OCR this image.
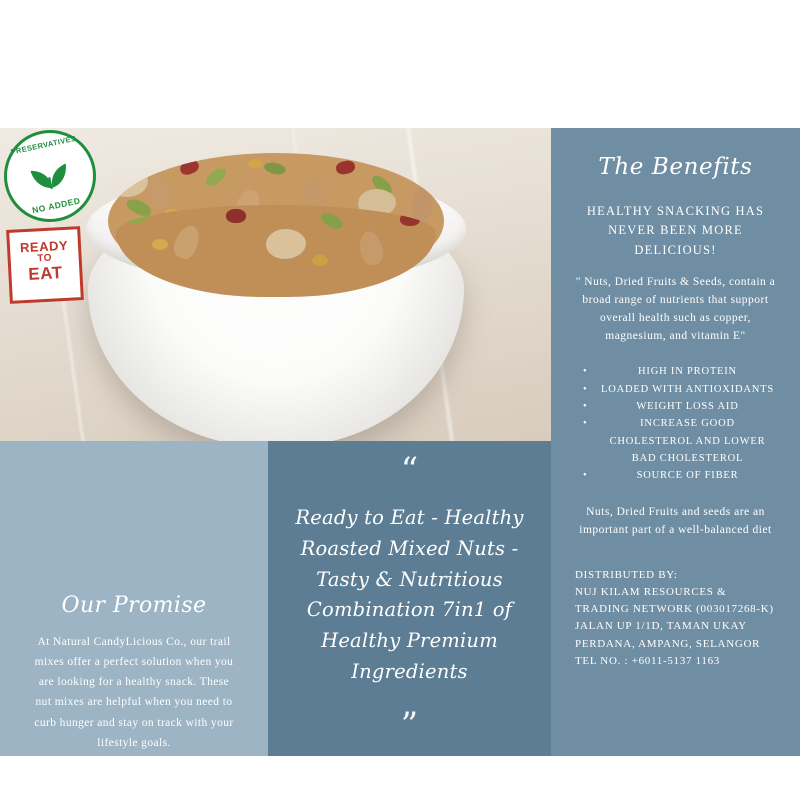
PRESERVATIVES
NO ADDED
READY
TO
EAT
The Benefits
HEALTHY SNACKING HAS NEVER BEEN MORE DELICIOUS!
" Nuts, Dried Fruits & Seeds, contain a broad range of nutrients that support overall health such as copper, magnesium, and vitamin E"
• HIGH IN PROTEIN
• LOADED WITH ANTIOXIDANTS
• WEIGHT LOSS AID
• INCREASE GOOD CHOLESTEROL AND LOWER BAD CHOLESTEROL
• SOURCE OF FIBER
Nuts, Dried Fruits and seeds are an important part of a well-balanced diet
DISTRIBUTED BY:
NUJ KILAM RESOURCES &
TRADING NETWORK (003017268-K)
JALAN UP 1/1D, TAMAN UKAY
PERDANA, AMPANG, SELANGOR
TEL NO. : +6011-5137 1163
Our Promise
At Natural CandyLicious Co., our trail mixes offer a perfect solution when you are looking for a healthy snack. These nut mixes are helpful when you need to curb hunger and stay on track with your lifestyle goals.
“
Ready to Eat - Healthy Roasted Mixed Nuts - Tasty & Nutritious Combination 7in1 of Healthy Premium Ingredients
”
